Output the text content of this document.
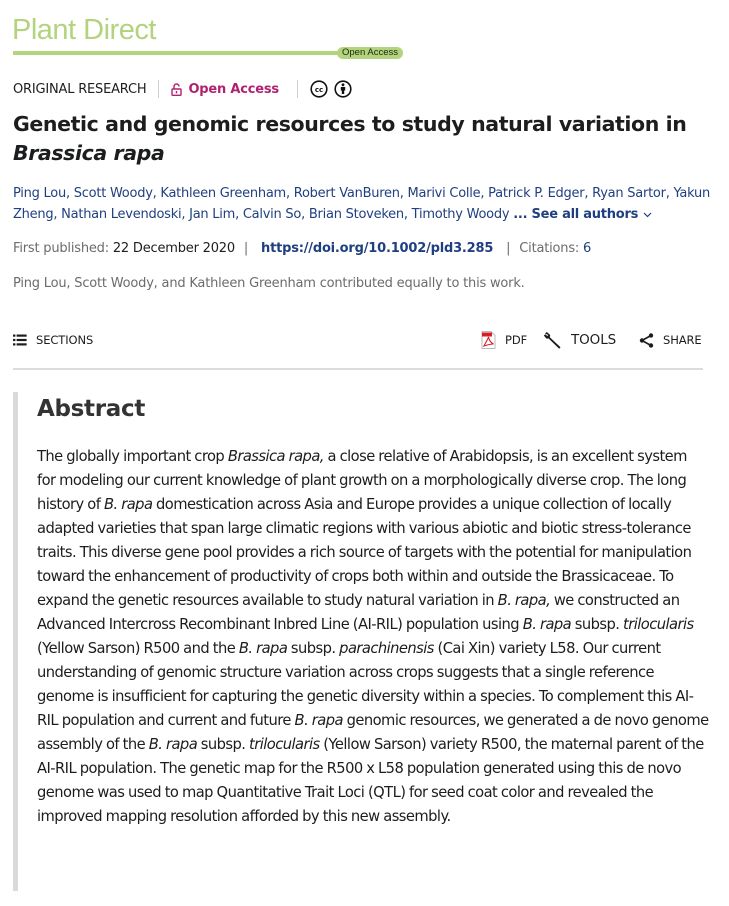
Plant Direct
Open Access
ORIGINAL RESEARCH	Open Access	cc
Genetic and genomic resources to study natural variation in
Brassica rapa
Ping Lou, Scott Woody, Kathleen Greenham, Robert VanBuren, Marivi Colle, Patrick P. Edger, Ryan Sartor, Yakun Zheng, Nathan Levendoski, Jan Lim, Calvin So, Brian Stoveken, Timothy Woody ... See all authors
First published: 22 December 2020 | https://doi.org/10.1002/pld3.285 | Citations: 6
Ping Lou, Scott Woody, and Kathleen Greenham contributed equally to this work.
SECTIONS	PDF	TOOLS	SHARE
Abstract

The globally important crop Brassica rapa, a close relative of Arabidopsis, is an excellent system for modeling our current knowledge of plant growth on a morphologically diverse crop. The long history of B. rapa domestication across Asia and Europe provides a unique collection of locally adapted varieties that span large climatic regions with various abiotic and biotic stress-tolerance traits. This diverse gene pool provides a rich source of targets with the potential for manipulation toward the enhancement of productivity of crops both within and outside the Brassicaceae. To expand the genetic resources available to study natural variation in B. rapa, we constructed an Advanced Intercross Recombinant Inbred Line (AI-RIL) population using B. rapa subsp. trilocularis (Yellow Sarson) R500 and the B. rapa subsp. parachinensis (Cai Xin) variety L58. Our current understanding of genomic structure variation across crops suggests that a single reference genome is insufficient for capturing the genetic diversity within a species. To complement this AI-RIL population and current and future B. rapa genomic resources, we generated a de novo genome assembly of the B. rapa subsp. trilocularis (Yellow Sarson) variety R500, the maternal parent of the AI-RIL population. The genetic map for the R500 x L58 population generated using this de novo genome was used to map Quantitative Trait Loci (QTL) for seed coat color and revealed the improved mapping resolution afforded by this new assembly.
